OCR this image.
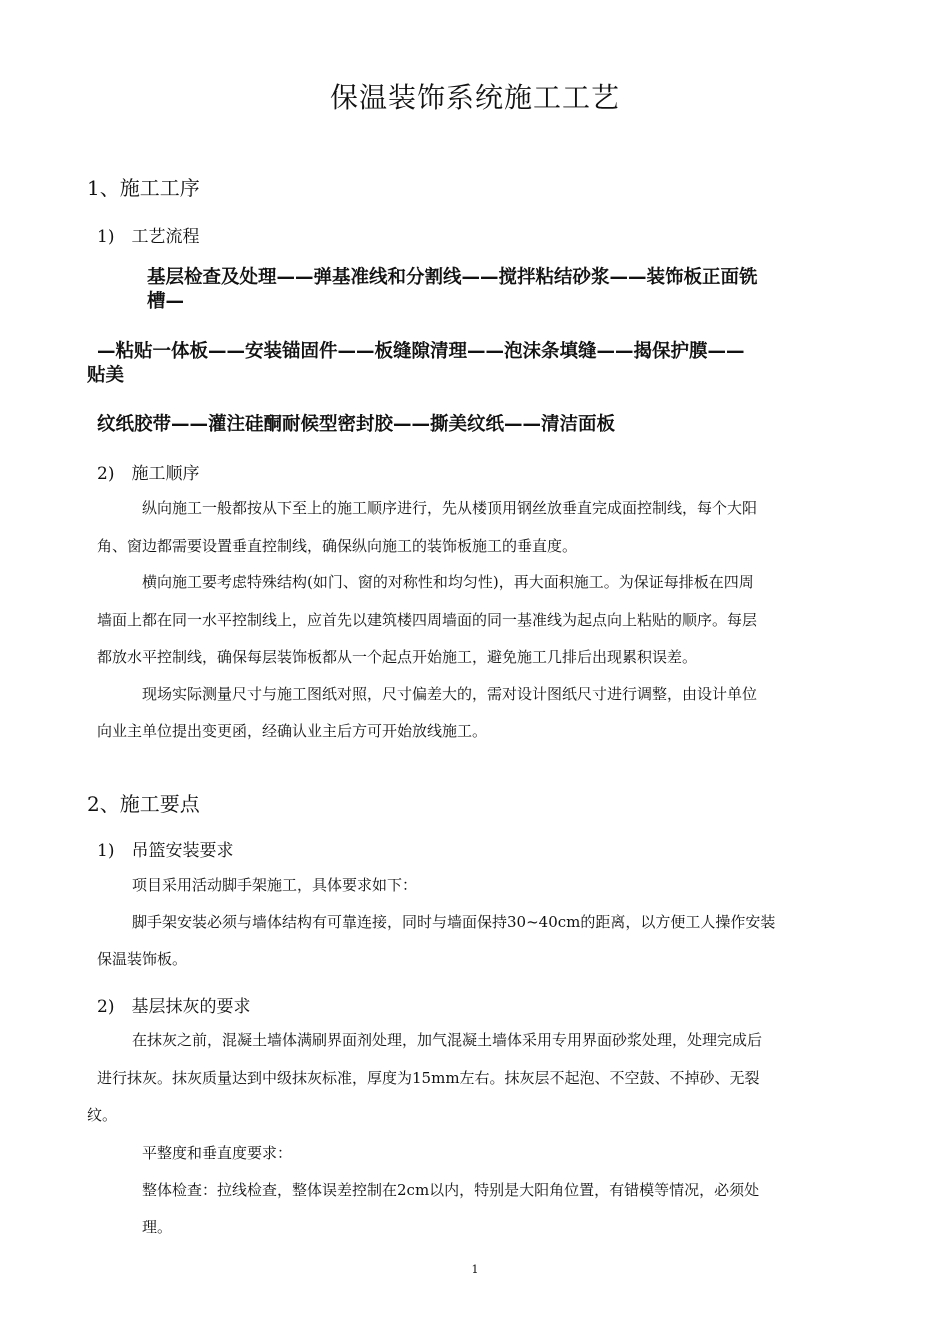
保温装饰系统施工工艺
1、施工工序
1)　工艺流程
基层检查及处理——弹基准线和分割线——搅拌粘结砂浆——装饰板正面铣
槽—
—粘贴一体板——安装锚固件——板缝隙清理——泡沫条填缝——揭保护膜——
贴美
纹纸胶带——灌注硅酮耐候型密封胶——撕美纹纸——清洁面板
2)　施工顺序
纵向施工一般都按从下至上的施工顺序进行，先从楼顶用钢丝放垂直完成面控制线，每个大阳
角、窗边都需要设置垂直控制线，确保纵向施工的装饰板施工的垂直度。
横向施工要考虑特殊结构(如门、窗的对称性和均匀性)，再大面积施工。为保证每排板在四周
墙面上都在同一水平控制线上，应首先以建筑楼四周墙面的同一基准线为起点向上粘贴的顺序。每层
都放水平控制线，确保每层装饰板都从一个起点开始施工，避免施工几排后出现累积误差。
现场实际测量尺寸与施工图纸对照，尺寸偏差大的，需对设计图纸尺寸进行调整，由设计单位
向业主单位提出变更函，经确认业主后方可开始放线施工。
2、施工要点
1)　吊篮安装要求
项目采用活动脚手架施工，具体要求如下：
脚手架安装必须与墙体结构有可靠连接，同时与墙面保持30~40cm的距离，以方便工人操作安装
保温装饰板。
2)　基层抹灰的要求
在抹灰之前，混凝土墙体满刷界面剂处理，加气混凝土墙体采用专用界面砂浆处理，处理完成后
进行抹灰。抹灰质量达到中级抹灰标准，厚度为15mm左右。抹灰层不起泡、不空鼓、不掉砂、无裂
纹。
平整度和垂直度要求：
整体检查：拉线检查，整体误差控制在2cm以内，特别是大阳角位置，有错模等情况，必须处
理。
1
